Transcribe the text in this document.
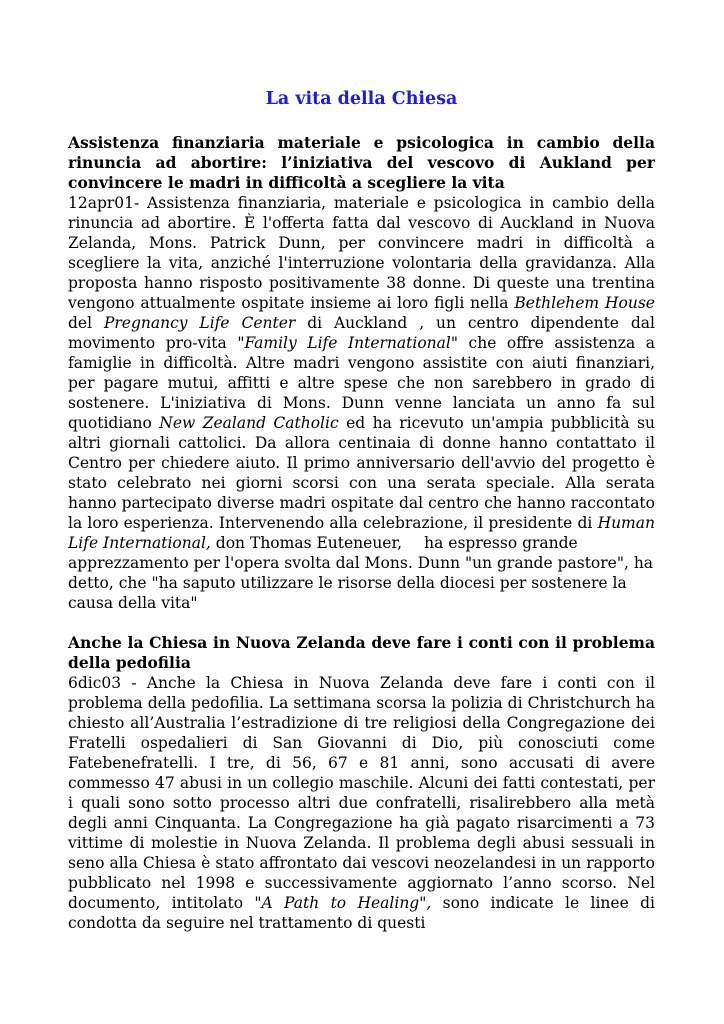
La vita della Chiesa
Assistenza finanziaria materiale e psicologica in cambio della rinuncia ad abortire: l’iniziativa del vescovo di Aukland per convincere le madri in difficoltà a scegliere la vita
12apr01- Assistenza finanziaria, materiale e psicologica in cambio della rinuncia ad abortire. È l'offerta fatta dal vescovo di Auckland in Nuova Zelanda, Mons. Patrick Dunn, per convincere madri in difficoltà a scegliere la vita, anziché l'interruzione volontaria della gravidanza. Alla proposta hanno risposto positivamente 38 donne. Di queste una trentina vengono attualmente ospitate insieme ai loro figli nella Bethlehem House del Pregnancy Life Center di Auckland , un centro dipendente dal movimento pro-vita "Family Life International" che offre assistenza a famiglie in difficoltà. Altre madri vengono assistite con aiuti finanziari, per pagare mutui, affitti e altre spese che non sarebbero in grado di sostenere. L'iniziativa di Mons. Dunn venne lanciata un anno fa sul quotidiano New Zealand Catholic ed ha ricevuto un'ampia pubblicità su altri giornali cattolici. Da allora centinaia di donne hanno contattato il Centro per chiedere aiuto. Il primo anniversario dell'avvio del progetto è stato celebrato nei giorni scorsi con una serata speciale. Alla serata hanno partecipato diverse madri ospitate dal centro che hanno raccontato la loro esperienza. Intervenendo alla celebrazione, il presidente di Human Life International, don Thomas Euteneuer, ha espresso grande
apprezzamento per l'opera svolta dal Mons. Dunn "un grande pastore", ha detto, che "ha saputo utilizzare le risorse della diocesi per sostenere la causa della vita"
Anche la Chiesa in Nuova Zelanda deve fare i conti con il problema della pedofilia
6dic03 - Anche la Chiesa in Nuova Zelanda deve fare i conti con il problema della pedofilia. La settimana scorsa la polizia di Christchurch ha chiesto all’Australia l’estradizione di tre religiosi della Congregazione dei Fratelli ospedalieri di San Giovanni di Dio, più conosciuti come Fatebenefratelli. I tre, di 56, 67 e 81 anni, sono accusati di avere commesso 47 abusi in un collegio maschile. Alcuni dei fatti contestati, per i quali sono sotto processo altri due confratelli, risalirebbero alla metà degli anni Cinquanta. La Congregazione ha già pagato risarcimenti a 73 vittime di molestie in Nuova Zelanda. Il problema degli abusi sessuali in seno alla Chiesa è stato affrontato dai vescovi neozelandesi in un rapporto pubblicato nel 1998 e successivamente aggiornato l’anno scorso. Nel documento, intitolato "A Path to Healing", sono indicate le linee di condotta da seguire nel trattamento di questi
